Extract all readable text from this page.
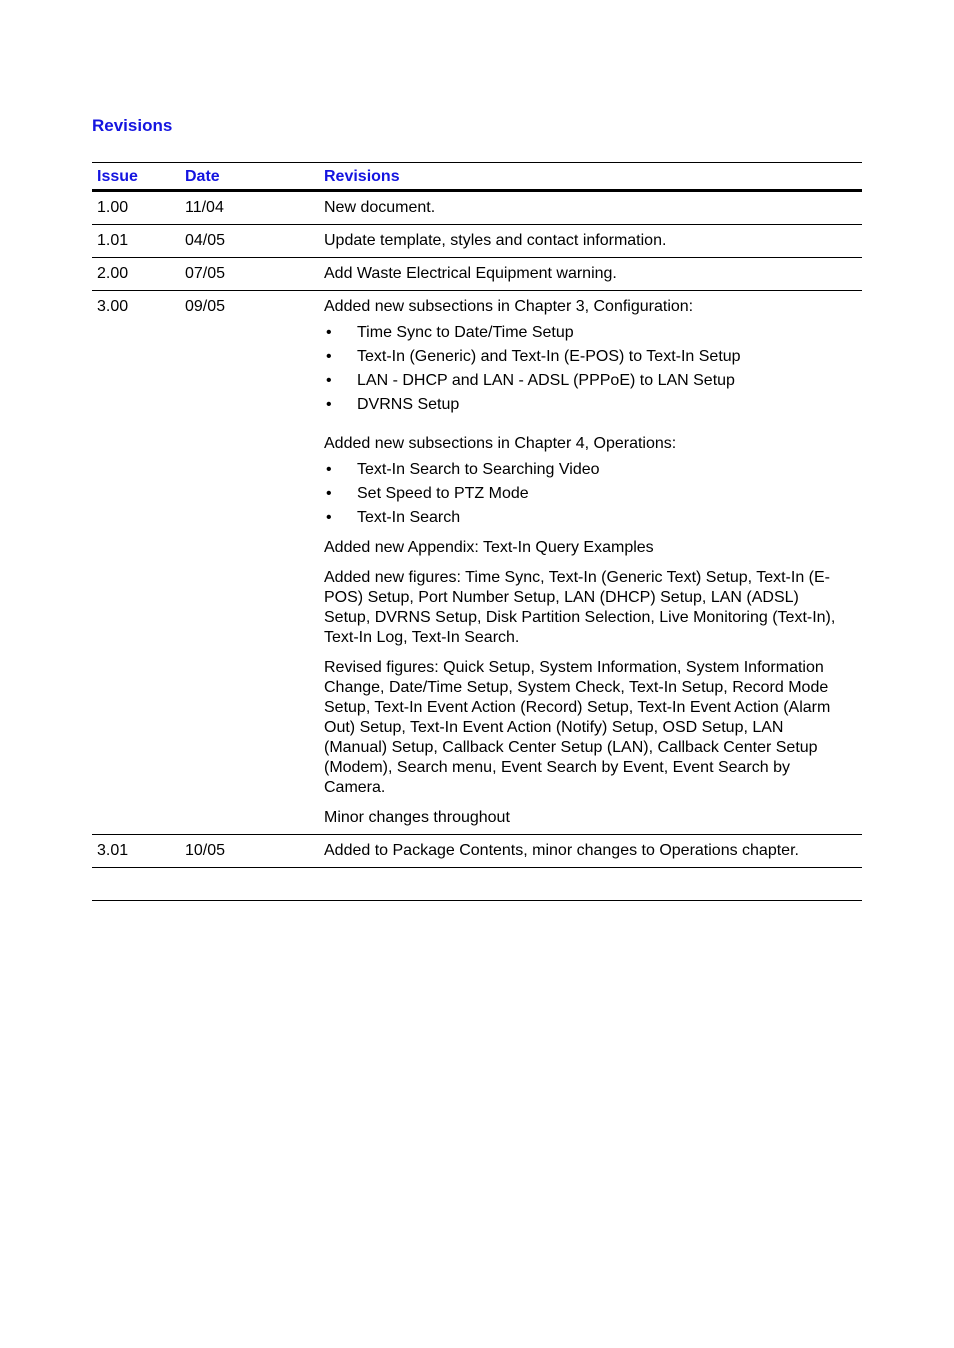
Revisions
Issue	Date	Revisions
1.00	11/04	New document.
1.01	04/05	Update template, styles and contact information.
2.00	07/05	Add Waste Electrical Equipment warning.
3.00	09/05	Added new subsections in Chapter 3, Configuration:

• Time Sync to Date/Time Setup
• Text-In (Generic) and Text-In (E-POS) to Text-In Setup
• LAN - DHCP and LAN - ADSL (PPPoE) to LAN Setup
• DVRNS Setup

Added new subsections in Chapter 4, Operations:

• Text-In Search to Searching Video
• Set Speed to PTZ Mode
• Text-In Search

Added new Appendix: Text-In Query Examples

Added new figures: Time Sync, Text-In (Generic Text) Setup, Text-In (E-POS) Setup, Port Number Setup, LAN (DHCP) Setup, LAN (ADSL) Setup, DVRNS Setup, Disk Partition Selection, Live Monitoring (Text-In), Text-In Log, Text-In Search.

Revised figures: Quick Setup, System Information, System Information Change, Date/Time Setup, System Check, Text-In Setup, Record Mode Setup, Text-In Event Action (Record) Setup, Text-In Event Action (Alarm Out) Setup, Text-In Event Action (Notify) Setup, OSD Setup, LAN (Manual) Setup, Callback Center Setup (LAN), Callback Center Setup (Modem), Search menu, Event Search by Event, Event Search by Camera.

Minor changes throughout

3.01	10/05	Added to Package Contents, minor changes to Operations chapter.
